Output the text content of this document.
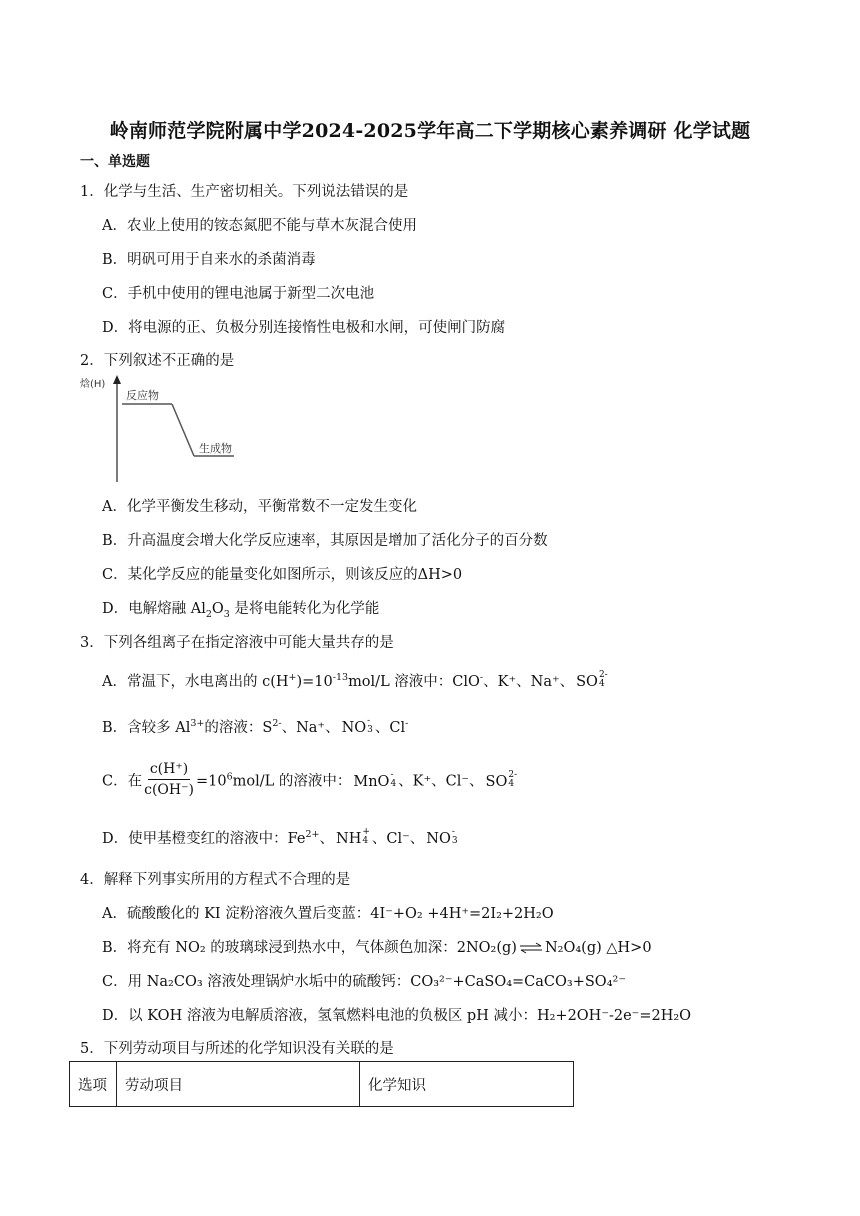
岭南师范学院附属中学2024-2025学年高二下学期核心素养调研 化学试题
一、单选题
1．化学与生活、生产密切相关。下列说法错误的是
A．农业上使用的铵态氮肥不能与草木灰混合使用
B．明矾可用于自来水的杀菌消毒
C．手机中使用的锂电池属于新型二次电池
D．将电源的正、负极分别连接惰性电极和水闸，可使闸门防腐
2．下列叙述不正确的是
焓(H)
反应物
生成物
A．化学平衡发生移动，平衡常数不一定发生变化
B．升高温度会增大化学反应速率，其原因是增加了活化分子的百分数
C．某化学反应的能量变化如图所示，则该反应的ΔH>0
D．电解熔融 $Al_2O_3$ 是将电能转化为化学能
3．下列各组离子在指定溶液中可能大量共存的是
A．常温下，水电离出的 $c(H^+)=10^{-13}mol/L$ 溶液中：ClO-、K⁺、Na⁺、 SO 2-
4
B．含较多 $Al^{3+}$的溶液：$S^{2-}$、Na⁺、 NO -
3 、Cl-
C．在 $\frac{c(H^+)}{c(OH^-)} =10^6mol/L$ 的溶液中： MnO -
4 、K⁺、Cl⁻、 SO 2-
4
D．使甲基橙变红的溶液中：$Fe^{2+}$、 NH +
4 、Cl⁻、 NO -
3
4．解释下列事实所用的方程式不合理的是
A．硫酸酸化的 KI 淀粉溶液久置后变蓝：4I⁻+O₂ +4H⁺=2I₂+2H₂O
B．将充有 NO₂ 的玻璃球浸到热水中，气体颜色加深：2NO₂(g) ⇌ N₂O₄(g) △H>0
C．用 Na₂CO₃ 溶液处理锅炉水垢中的硫酸钙：CO₃²⁻+CaSO₄=CaCO₃+SO₄²⁻
D．以 KOH 溶液为电解质溶液，氢氧燃料电池的负极区 pH 减小：H₂+2OH⁻-2e⁻=2H₂O
5．下列劳动项目与所述的化学知识没有关联的是
选项	劳动项目	化学知识
